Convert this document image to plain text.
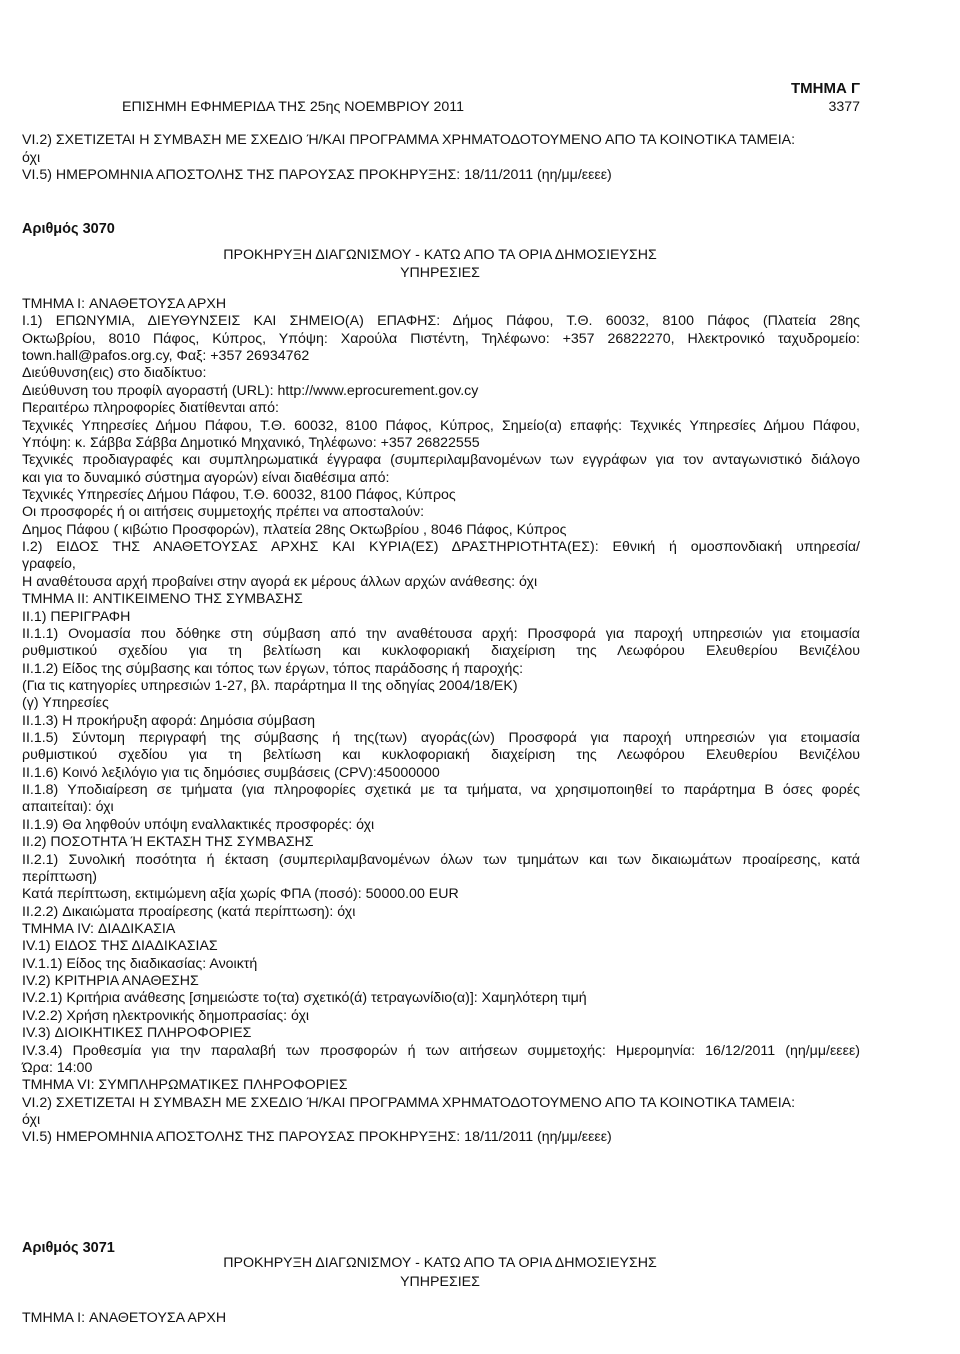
ΤΜΗΜΑ Γ
ΕΠΙΣΗΜΗ ΕΦΗΜΕΡΙΔΑ ΤΗΣ 25ης ΝΟΕΜΒΡΙΟΥ 2011	3377
VI.2) ΣΧΕΤΙΖΕΤΑΙ Η ΣΥΜΒΑΣΗ ΜΕ ΣΧΕΔΙΟ Ή/ΚΑΙ ΠΡΟΓΡΑΜΜΑ ΧΡΗΜΑΤΟΔΟΤΟΥΜΕΝΟ ΑΠΟ ΤΑ ΚΟΙΝΟΤΙΚΑ ΤΑΜΕΙΑ:
όχι
VI.5) ΗΜΕΡΟΜΗΝΙΑ ΑΠΟΣΤΟΛΗΣ ΤΗΣ ΠΑΡΟΥΣΑΣ ΠΡΟΚΗΡΥΞΗΣ: 18/11/2011 (ηη/μμ/εεεε)
Αριθμός 3070
ΠΡΟΚΗΡΥΞΗ ΔΙΑΓΩΝΙΣΜΟΥ - ΚΑΤΩ ΑΠΟ ΤΑ ΟΡΙΑ ΔΗΜΟΣΙΕΥΣΗΣ
ΥΠΗΡΕΣΙΕΣ
ΤΜΗΜΑ I: ΑΝΑΘΕΤΟΥΣΑ ΑΡΧΗ
I.1) ΕΠΩΝΥΜΙΑ, ΔΙΕΥΘΥΝΣΕΙΣ ΚΑΙ ΣΗΜΕΙΟ(Α) ΕΠΑΦΗΣ: Δήμος Πάφου, Τ.Θ. 60032, 8100 Πάφος (Πλατεία 28ης
Οκτωβρίου, 8010 Πάφος, Κύπρος, Υπόψη: Χαρούλα Πιστέντη, Τηλέφωνο: +357 26822270, Ηλεκτρονικό ταχυδρομείο:
town.hall@pafos.org.cy, Φαξ: +357 26934762
Διεύθυνση(εις) στο διαδίκτυο:
Διεύθυνση του προφίλ αγοραστή (URL): http://www.eprocurement.gov.cy
Περαιτέρω πληροφορίες διατίθενται από:
Τεχνικές Υπηρεσίες Δήμου Πάφου, Τ.Θ. 60032, 8100 Πάφος, Κύπρος, Σημείο(α) επαφής: Τεχνικές Υπηρεσίες Δήμου Πάφου,
Υπόψη: κ. Σάββα Σάββα Δημοτικό Μηχανικό, Τηλέφωνο: +357 26822555
Τεχνικές προδιαγραφές και συμπληρωματικά έγγραφα (συμπεριλαμβανομένων των εγγράφων για τον ανταγωνιστικό διάλογο
και για το δυναμικό σύστημα αγορών) είναι διαθέσιμα από:
Τεχνικές Υπηρεσίες Δήμου Πάφου, Τ.Θ. 60032, 8100 Πάφος, Κύπρος
Οι προσφορές ή οι αιτήσεις συμμετοχής πρέπει να αποσταλούν:
Δημος Πάφου ( κιβώτιο Προσφορών), πλατεία 28ης Οκτωβρίου , 8046 Πάφος, Κύπρος
I.2) ΕΙΔΟΣ ΤΗΣ ΑΝΑΘΕΤΟΥΣΑΣ ΑΡΧΗΣ ΚΑΙ ΚΥΡΙΑ(ΕΣ) ΔΡΑΣΤΗΡΙΟΤΗΤΑ(ΕΣ): Εθνική ή ομοσπονδιακή υπηρεσία/
γραφείο,
Η αναθέτουσα αρχή προβαίνει στην αγορά εκ μέρους άλλων αρχών ανάθεσης: όχι
ΤΜΗΜΑ II: ΑΝΤΙΚΕΙΜΕΝΟ ΤΗΣ ΣΥΜΒΑΣΗΣ
II.1) ΠΕΡΙΓΡΑΦΗ
II.1.1) Ονομασία που δόθηκε στη σύμβαση από την αναθέτουσα αρχή: Προσφορά για παροχή υπηρεσιών για ετοιμασία
ρυθμιστικού σχεδίου για τη βελτίωση και κυκλοφοριακή διαχείριση της Λεωφόρου Ελευθερίου Βενιζέλου
II.1.2) Είδος της σύμβασης και τόπος των έργων, τόπος παράδοσης ή παροχής:
(Για τις κατηγορίες υπηρεσιών 1-27, βλ. παράρτημα II της οδηγίας 2004/18/ΕΚ)
(γ) Υπηρεσίες
II.1.3) Η προκήρυξη αφορά: Δημόσια σύμβαση
II.1.5) Σύντομη περιγραφή της σύμβασης ή της(των) αγοράς(ών) Προσφορά για παροχή υπηρεσιών για ετοιμασία
ρυθμιστικού σχεδίου για τη βελτίωση και κυκλοφοριακή διαχείριση της Λεωφόρου Ελευθερίου Βενιζέλου
II.1.6) Κοινό λεξιλόγιο για τις δημόσιες συμβάσεις (CPV):45000000
II.1.8) Υποδιαίρεση σε τμήματα (για πληροφορίες σχετικά με τα τμήματα, να χρησιμοποιηθεί το παράρτημα B όσες φορές
απαιτείται): όχι
II.1.9) Θα ληφθούν υπόψη εναλλακτικές προσφορές: όχι
II.2) ΠΟΣΟΤΗΤΑ Ή ΕΚΤΑΣΗ ΤΗΣ ΣΥΜΒΑΣΗΣ
II.2.1) Συνολική ποσότητα ή έκταση (συμπεριλαμβανομένων όλων των τμημάτων και των δικαιωμάτων προαίρεσης, κατά
περίπτωση)
Κατά περίπτωση, εκτιμώμενη αξία χωρίς ΦΠΑ (ποσό): 50000.00 EUR
II.2.2) Δικαιώματα προαίρεσης (κατά περίπτωση): όχι
ΤΜΗΜΑ IV: ΔΙΑΔΙΚΑΣΙΑ
IV.1) ΕΙΔΟΣ ΤΗΣ ΔΙΑΔΙΚΑΣΙΑΣ
IV.1.1) Είδος της διαδικασίας: Ανοικτή
IV.2) ΚΡΙΤΗΡΙΑ ΑΝΑΘΕΣΗΣ
IV.2.1) Κριτήρια ανάθεσης [σημειώστε το(τα) σχετικό(ά) τετραγωνίδιο(α)]: Χαμηλότερη τιμή
IV.2.2) Χρήση ηλεκτρονικής δημοπρασίας: όχι
IV.3) ΔΙΟΙΚΗΤΙΚΕΣ ΠΛΗΡΟΦΟΡΙΕΣ
IV.3.4) Προθεσμία για την παραλαβή των προσφορών ή των αιτήσεων συμμετοχής: Ημερομηνία: 16/12/2011 (ηη/μμ/εεεε)
Ώρα: 14:00
ΤΜΗΜΑ VI: ΣΥΜΠΛΗΡΩΜΑΤΙΚΕΣ ΠΛΗΡΟΦΟΡΙΕΣ
VI.2) ΣΧΕΤΙΖΕΤΑΙ Η ΣΥΜΒΑΣΗ ΜΕ ΣΧΕΔΙΟ Ή/ΚΑΙ ΠΡΟΓΡΑΜΜΑ ΧΡΗΜΑΤΟΔΟΤΟΥΜΕΝΟ ΑΠΟ ΤΑ ΚΟΙΝΟΤΙΚΑ ΤΑΜΕΙΑ:
όχι
VI.5) ΗΜΕΡΟΜΗΝΙΑ ΑΠΟΣΤΟΛΗΣ ΤΗΣ ΠΑΡΟΥΣΑΣ ΠΡΟΚΗΡΥΞΗΣ: 18/11/2011 (ηη/μμ/εεεε)
Αριθμός 3071
ΠΡΟΚΗΡΥΞΗ ΔΙΑΓΩΝΙΣΜΟΥ - ΚΑΤΩ ΑΠΟ ΤΑ ΟΡΙΑ ΔΗΜΟΣΙΕΥΣΗΣ
ΥΠΗΡΕΣΙΕΣ
ΤΜΗΜΑ I: ΑΝΑΘΕΤΟΥΣΑ ΑΡΧΗ
